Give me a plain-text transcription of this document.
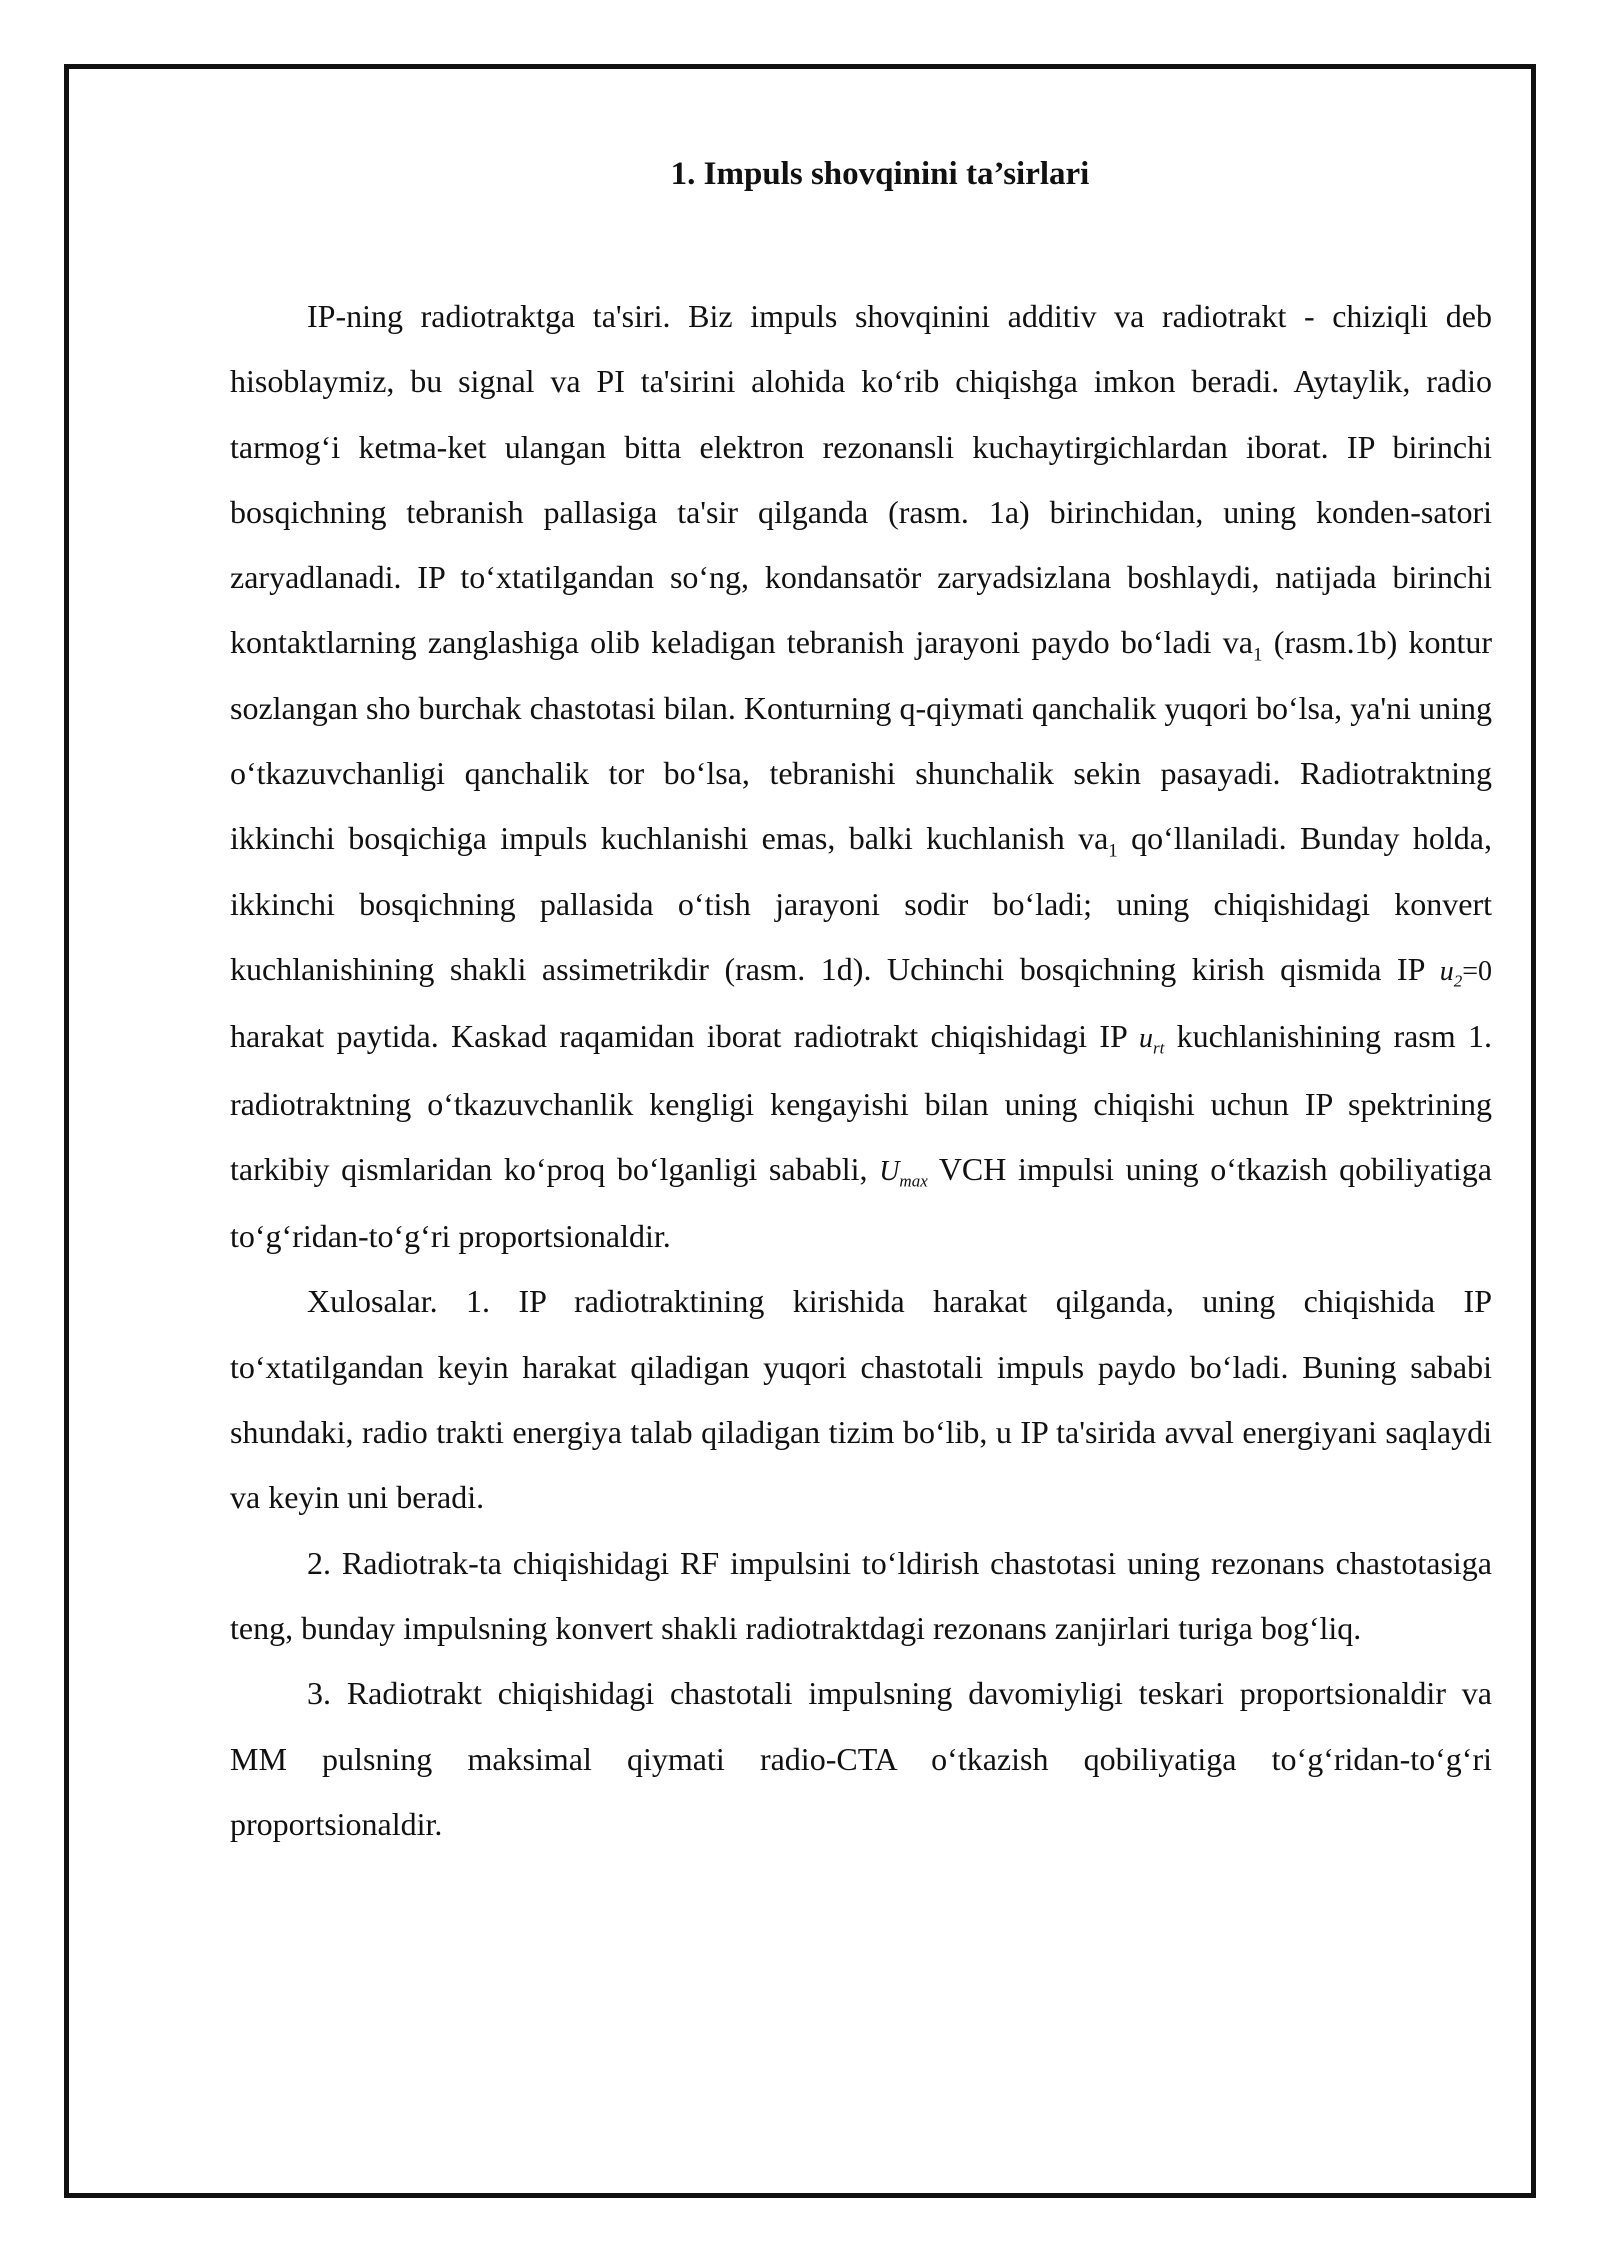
1. Impuls shovqinini ta’sirlari

IP-ning radiotraktga ta'siri. Biz impuls shovqinini additiv va radiotrakt - chiziqli deb hisoblaymiz, bu signal va PI ta'sirini alohida koʻrib chiqishga imkon beradi. Aytaylik, radio tarmogʻi ketma-ket ulangan bitta elektron rezonansli kuchaytirgichlardan iborat. IP birinchi bosqichning tebranish pallasiga ta'sir qilganda (rasm. 1a) birinchidan, uning konden-satori zaryadlanadi. IP toʻxtatilgandan soʻng, kondansatör zaryadsizlana boshlaydi, natijada birinchi kontaktlarning zanglashiga olib keladigan tebranish jarayoni paydo boʻladi $va_1$ (rasm.1b) kontur sozlangan sho burchak chastotasi bilan. Konturning q-qiymati qanchalik yuqori boʻlsa, ya'ni uning oʻtkazuvchanligi qanchalik tor boʻlsa, tebranishi shunchalik sekin pasayadi. Radiotraktning ikkinchi bosqichiga impuls kuchlanishi emas, balki kuchlanish $va_1$ qoʻllaniladi. Bunday holda, ikkinchi bosqichning pallasida oʻtish jarayoni sodir boʻladi; uning chiqishidagi konvert kuchlanishining shakli assimetrikdir (rasm. 1d). Uchinchi bosqichning kirish qismida IP $u_2=0$ harakat paytida. Kaskad raqamidan iborat radiotrakt chiqishidagi IP $u_{rt}$ kuchlanishining rasm 1. radiotraktning oʻtkazuvchanlik kengligi kengayishi bilan uning chiqishi uchun IP spektrining tarkibiy qismlaridan koʻproq boʻlganligi sababli, $U_{max}$ VCH impulsi uning oʻtkazish qobiliyatiga toʻgʻridan-toʻgʻri proportsionaldir.

Xulosalar. 1. IP radiotraktining kirishida harakat qilganda, uning chiqishida IP toʻxtatilgandan keyin harakat qiladigan yuqori chastotali impuls paydo boʻladi. Buning sababi shundaki, radio trakti energiya talab qiladigan tizim boʻlib, u IP ta'sirida avval energiyani saqlaydi va keyin uni beradi.

2. Radiotrak-ta chiqishidagi RF impulsini toʻldirish chastotasi uning rezonans chastotasiga teng, bunday impulsning konvert shakli radiotraktdagi rezonans zanjirlari turiga bogʻliq.

3. Radiotrakt chiqishidagi chastotali impulsning davomiyligi teskari proportsionaldir va MM pulsning maksimal qiymati radio-CTA oʻtkazish qobiliyatiga toʻgʻridan-toʻgʻri proportsionaldir.
